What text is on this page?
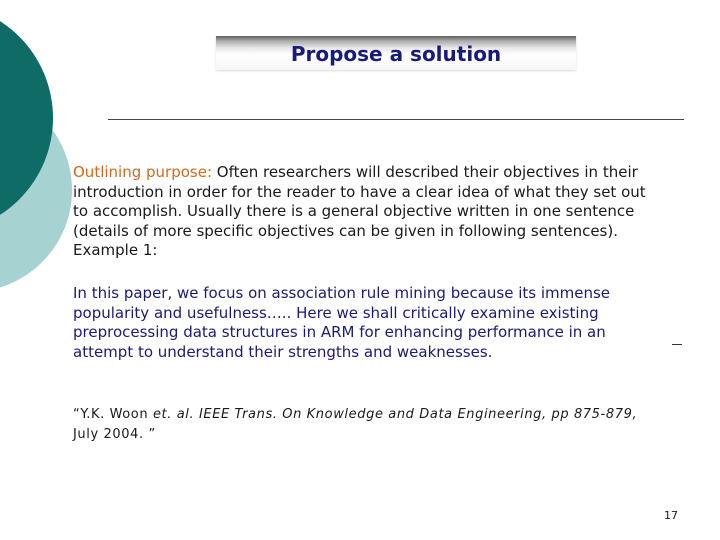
Propose a solution

Outlining purpose: Often researchers will described their objectives in their introduction in order for the reader to have a clear idea of what they set out to accomplish. Usually there is a general objective written in one sentence (details of more specific objectives can be given in following sentences). Example 1:

In this paper, we focus on association rule mining because its immense popularity and usefulness….. Here we shall critically examine existing preprocessing data structures in ARM for enhancing performance in an attempt to understand their strengths and weaknesses.

“Y.K. Woon et. al. IEEE Trans. On Knowledge and Data Engineering, pp 875-879, July 2004. ”

17
